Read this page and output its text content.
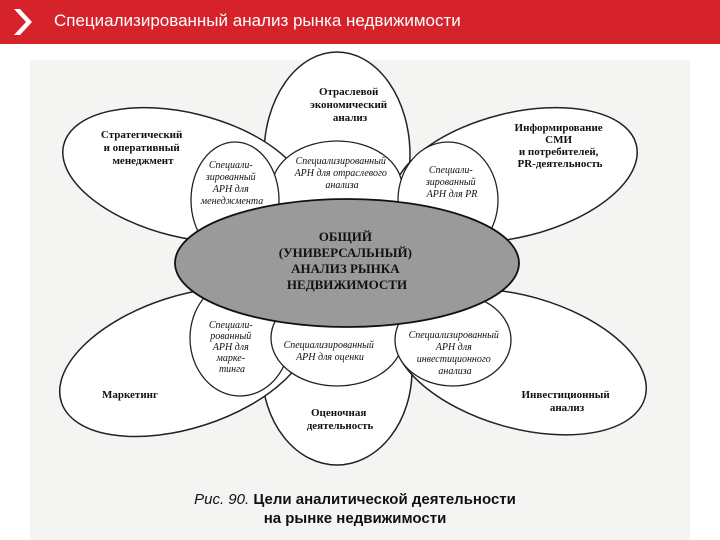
Отраслевой экономический анализ
Стратегический и оперативный менеджмент
Информирование СМИ и потребителей, PR-деятельность
Маркетинг	Инвестиционный анализ
Оценочная деятельность
Специализированный АРН для отраслевого анализа
Специали- зированный АРН для менеджмента
Специали- зированный АРН для PR
Специали- рованный АРН для марке- тинга
Специализированный АРН для оценки
Специализированный АРН для инвестиционного анализа
ОБЩИЙ (УНИВЕРСАЛЬНЫЙ) АНАЛИЗ РЫНКА НЕДВИЖИМОСТИ
Специализированный анализ рынка недвижимости
Рис. 90. Цели аналитической деятельности
на рынке недвижимости
